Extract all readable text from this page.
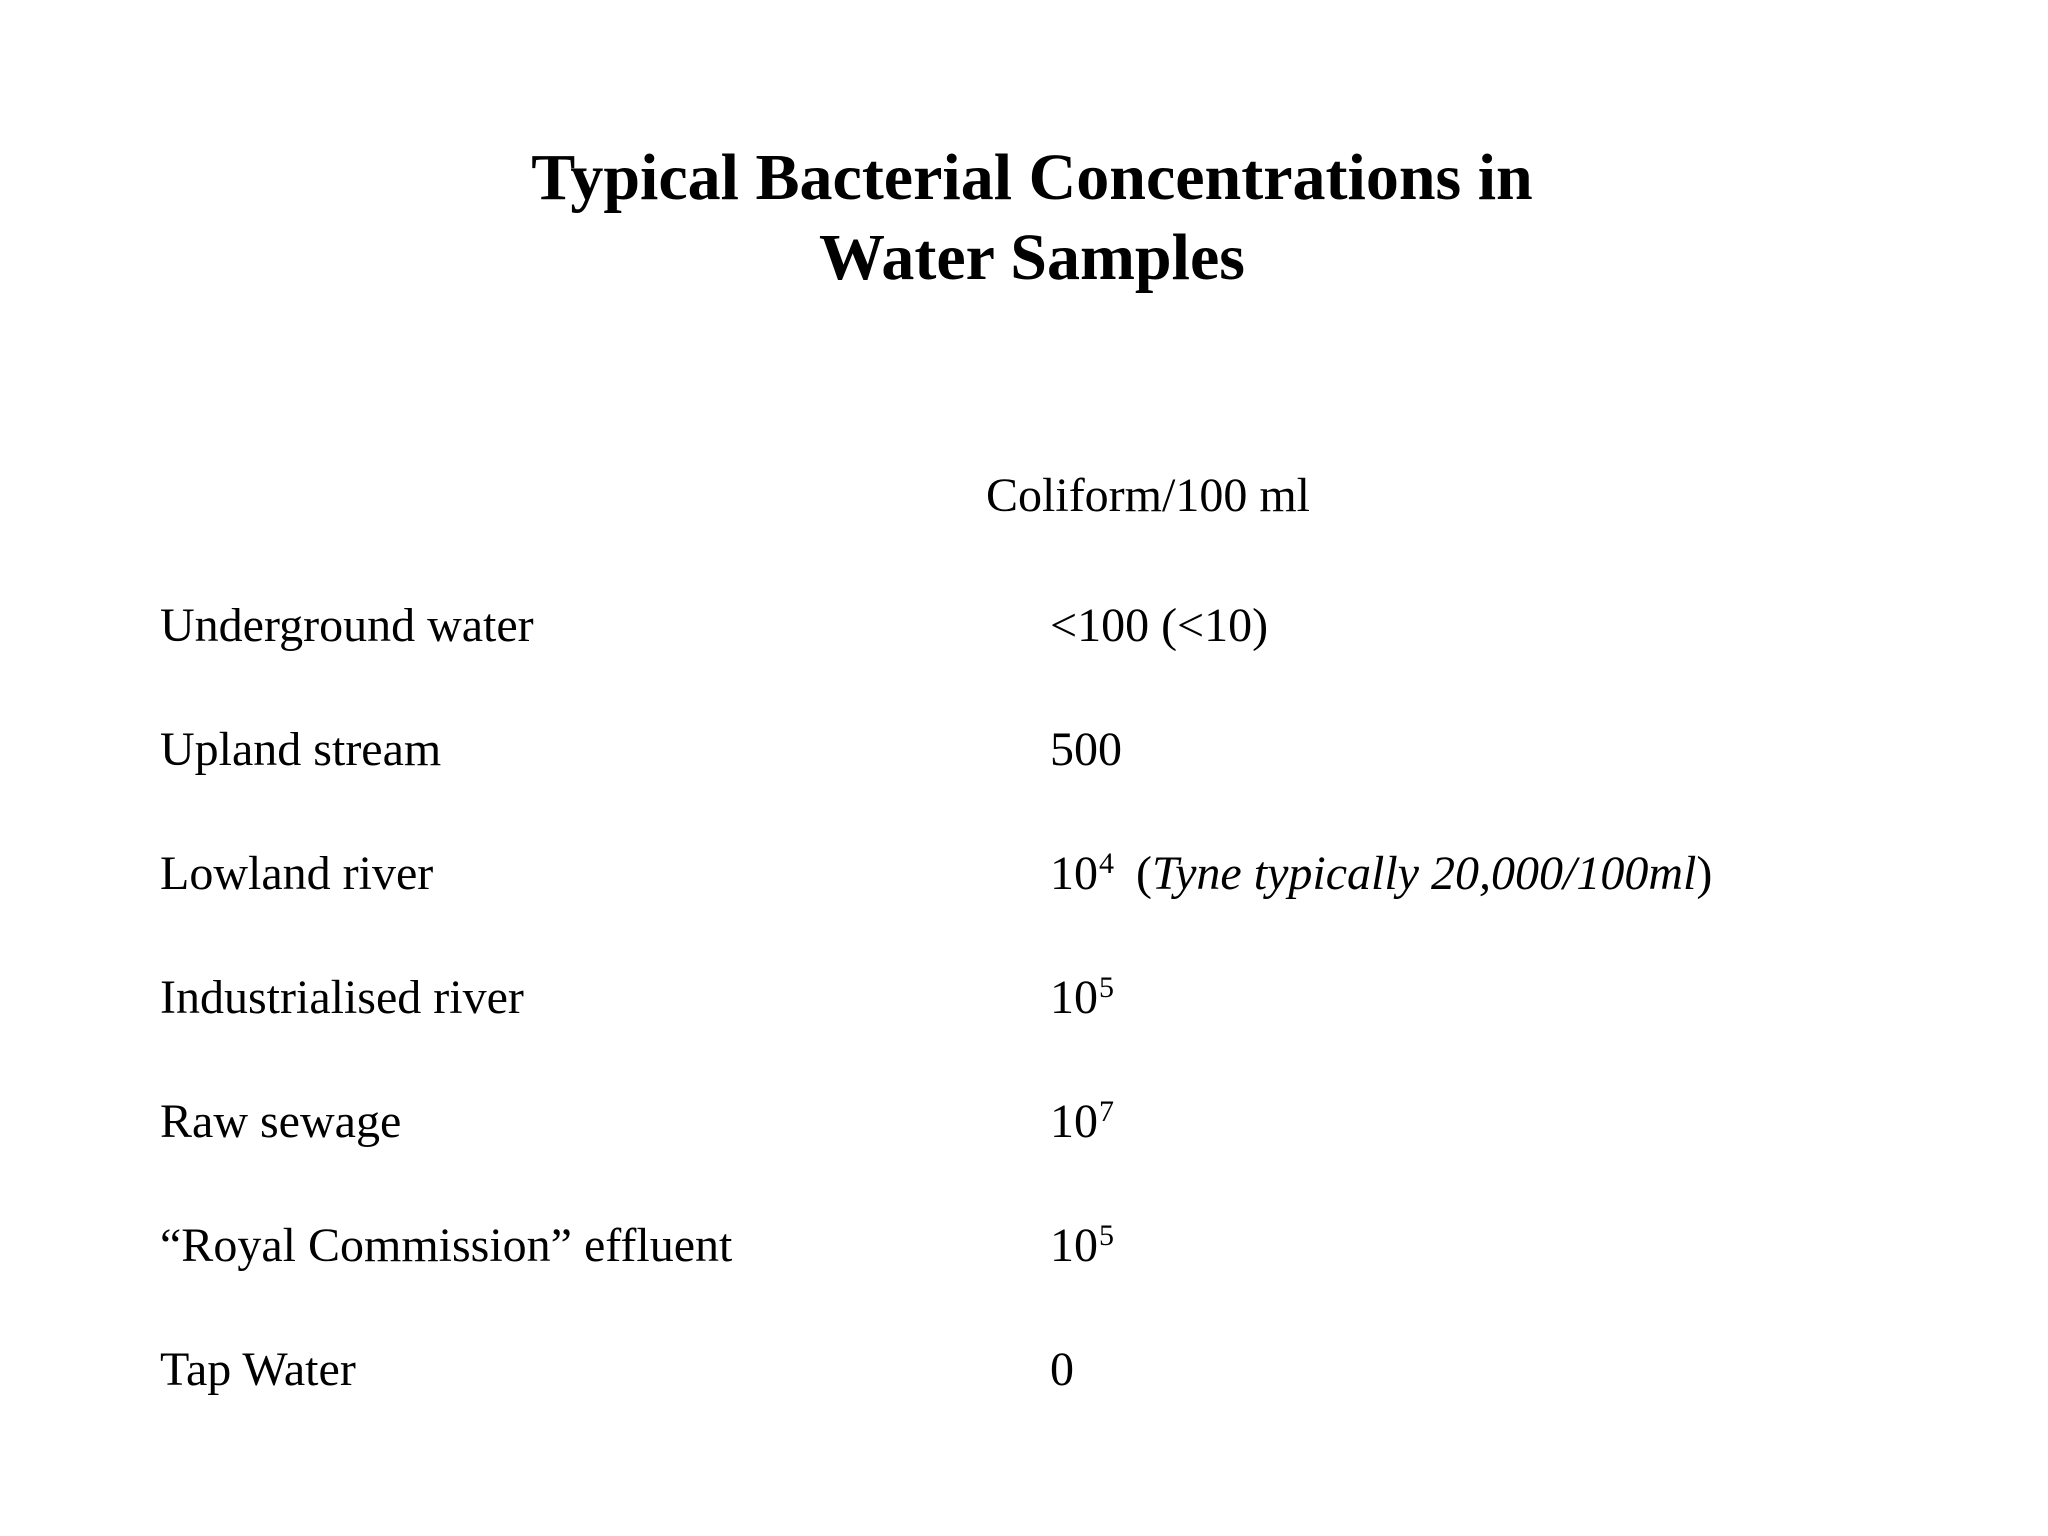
Typical Bacterial Concentrations in
Water Samples
Coliform/100 ml
Underground water	<100 (<10)
Upland stream	500
Lowland river	$10^4$ (Tyne typically 20,000/100ml)
Industrialised river	$10^5$
Raw sewage	$10^7$
“Royal Commission” effluent	$10^5$
Tap Water	0
